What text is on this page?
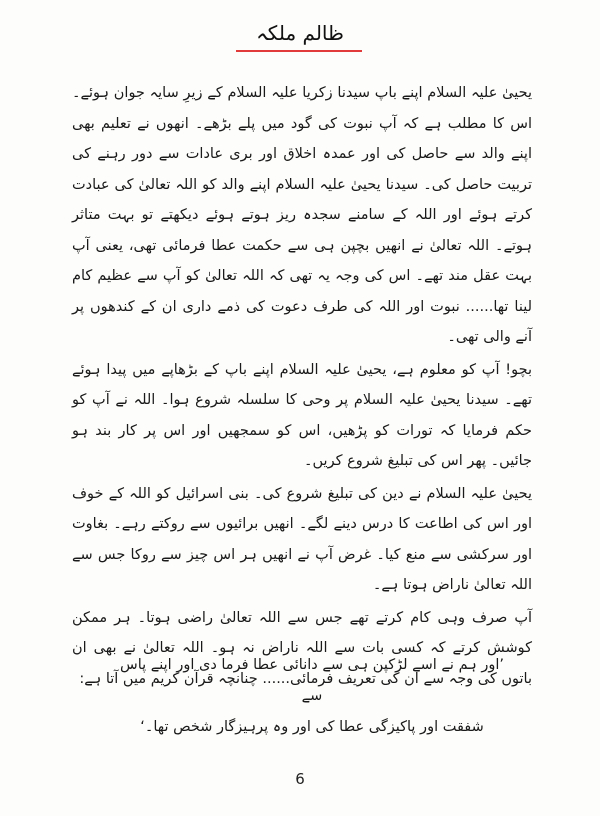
ظالم ملکہ

یحییٰ علیہ السلام اپنے باپ سیدنا زکریا علیہ السلام کے زیرِ سایہ جوان ہوئے۔ اس کا مطلب ہے کہ آپ نبوت کی گود میں پلے بڑھے۔ انھوں نے تعلیم بھی اپنے والد سے حاصل کی اور عمدہ اخلاق اور بری عادات سے دور رہنے کی تربیت حاصل کی۔ سیدنا یحییٰ علیہ السلام اپنے والد کو اللہ تعالیٰ کی عبادت کرتے ہوئے اور اللہ کے سامنے سجدہ ریز ہوتے ہوئے دیکھتے تو بہت متاثر ہوتے۔ اللہ تعالیٰ نے انھیں بچپن ہی سے حکمت عطا فرمائی تھی، یعنی آپ بہت عقل مند تھے۔ اس کی وجہ یہ تھی کہ اللہ تعالیٰ کو آپ سے عظیم کام لینا تھا...... نبوت اور اللہ کی طرف دعوت کی ذمے داری ان کے کندھوں پر آنے والی تھی۔

بچو! آپ کو معلوم ہے، یحییٰ علیہ السلام اپنے باپ کے بڑھاپے میں پیدا ہوئے تھے۔ سیدنا یحییٰ علیہ السلام پر وحی کا سلسلہ شروع ہوا۔ اللہ نے آپ کو حکم فرمایا کہ تورات کو پڑھیں، اس کو سمجھیں اور اس پر کار بند ہو جائیں۔ پھر اس کی تبلیغ شروع کریں۔

یحییٰ علیہ السلام نے دین کی تبلیغ شروع کی۔ بنی اسرائیل کو اللہ کے خوف اور اس کی اطاعت کا درس دینے لگے۔ انھیں برائیوں سے روکتے رہے۔ بغاوت اور سرکشی سے منع کیا۔ غرض آپ نے انھیں ہر اس چیز سے روکا جس سے اللہ تعالیٰ ناراض ہوتا ہے۔

آپ صرف وہی کام کرتے تھے جس سے اللہ تعالیٰ راضی ہوتا۔ ہر ممکن کوشش کرتے کہ کسی بات سے اللہ ناراض نہ ہو۔ اللہ تعالیٰ نے بھی ان باتوں کی وجہ سے ان کی تعریف فرمائی...... چنانچہ قرآن کریم میں آتا ہے:

’اور ہم نے اسے لڑکپن ہی سے دانائی عطا فرما دی اور اپنے پاس سے

شفقت اور پاکیزگی عطا کی اور وہ پرہیزگار شخص تھا۔‘

6
